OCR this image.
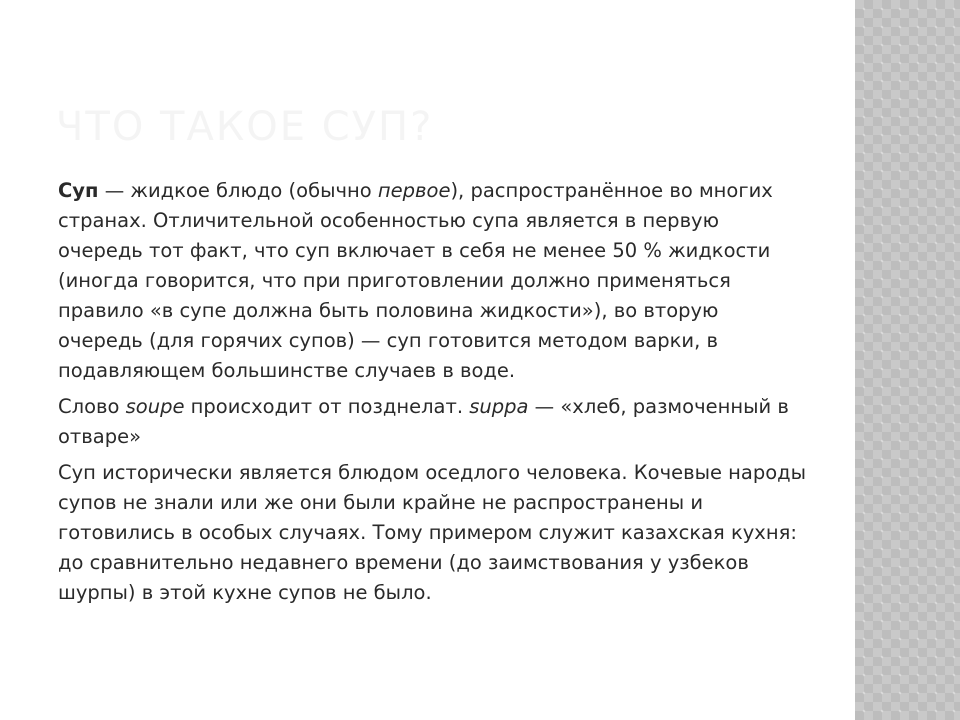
ЧТО ТАКОЕ СУП?

Суп — жидкое блюдо (обычно первое), распространённое во многих странах. Отличительной особенностью супа является в первую очередь тот факт, что суп включает в себя не менее 50 % жидкости (иногда говорится, что при приготовлении должно применяться правило «в супе должна быть половина жидкости»), во вторую очередь (для горячих супов) — суп готовится методом варки, в подавляющем большинстве случаев в воде.

Слово soupe происходит от позднелат. suppa — «хлеб, размоченный в отваре»

Суп исторически является блюдом оседлого человека. Кочевые народы супов не знали или же они были крайне не распространены и готовились в особых случаях. Тому примером служит казахская кухня: до сравнительно недавнего времени (до заимствования у узбеков шурпы) в этой кухне супов не было.
